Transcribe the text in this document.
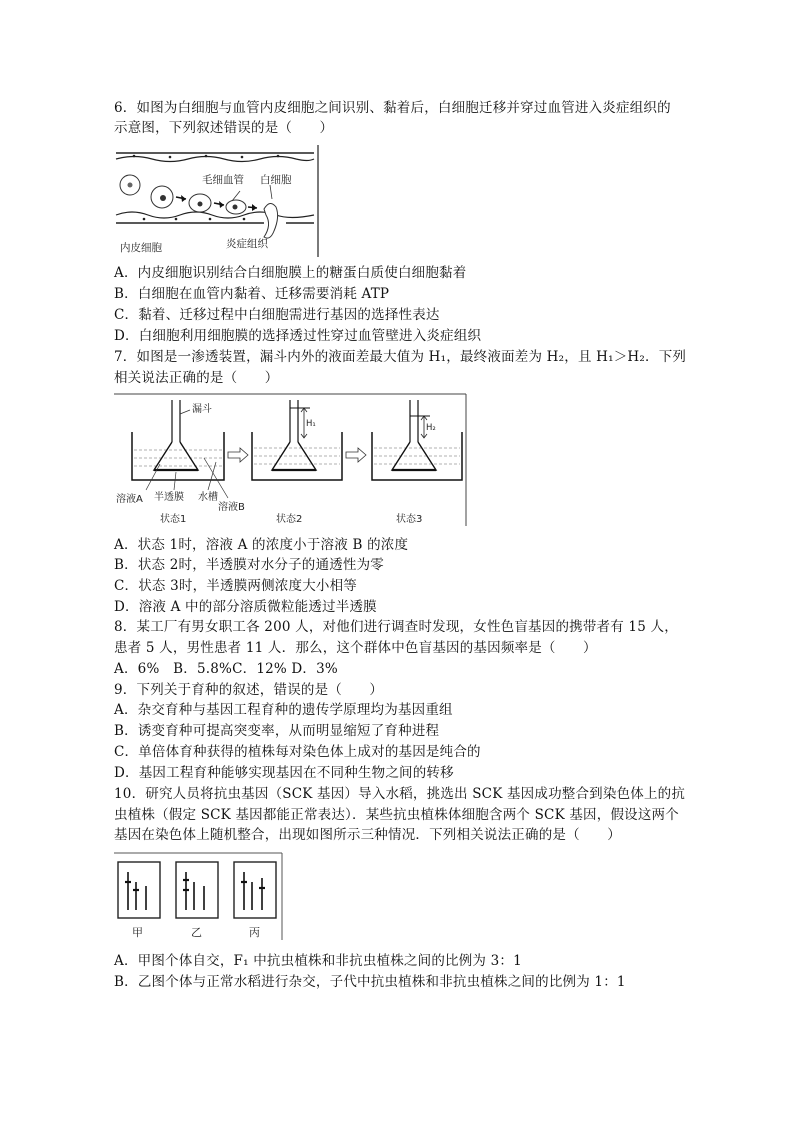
6．如图为白细胞与血管内皮细胞之间识别、黏着后，白细胞迁移并穿过血管进入炎症组织的
示意图，下列叙述错误的是（　　）
毛细血管 白细胞
内皮细胞	炎症组织
A．内皮细胞识别结合白细胞膜上的糖蛋白质使白细胞黏着
B．白细胞在血管内黏着、迁移需要消耗 ATP
C．黏着、迁移过程中白细胞需进行基因的选择性表达
D．白细胞利用细胞膜的选择透过性穿过血管壁进入炎症组织
7．如图是一渗透装置，漏斗内外的液面差最大值为 H₁，最终液面差为 H₂，且 H₁＞H₂．下列
相关说法正确的是（　　）
漏斗
溶液A 半透膜 水槽
溶液B
状态1
H₁
状态2
H₂
状态3
A．状态 1时，溶液 A 的浓度小于溶液 B 的浓度
B．状态 2时，半透膜对水分子的通透性为零
C．状态 3时，半透膜两侧浓度大小相等
D．溶液 A 中的部分溶质微粒能透过半透膜
8．某工厂有男女职工各 200 人，对他们进行调查时发现，女性色盲基因的携带者有 15 人，
患者 5 人，男性患者 11 人．那么，这个群体中色盲基因的基因频率是（　　）
A．6%　B．5.8%C．12% D．3%
9．下列关于育种的叙述，错误的是（　　）
A．杂交育种与基因工程育种的遗传学原理均为基因重组
B．诱变育种可提高突变率，从而明显缩短了育种进程
C．单倍体育种获得的植株每对染色体上成对的基因是纯合的
D．基因工程育种能够实现基因在不同种生物之间的转移
10．研究人员将抗虫基因（SCK 基因）导入水稻，挑选出 SCK 基因成功整合到染色体上的抗
虫植株（假定 SCK 基因都能正常表达）．某些抗虫植株体细胞含两个 SCK 基因，假设这两个
基因在染色体上随机整合，出现如图所示三种情况．下列相关说法正确的是（　　）
甲	乙	丙
A．甲图个体自交，F₁ 中抗虫植株和非抗虫植株之间的比例为 3：1
B．乙图个体与正常水稻进行杂交，子代中抗虫植株和非抗虫植株之间的比例为 1：1
